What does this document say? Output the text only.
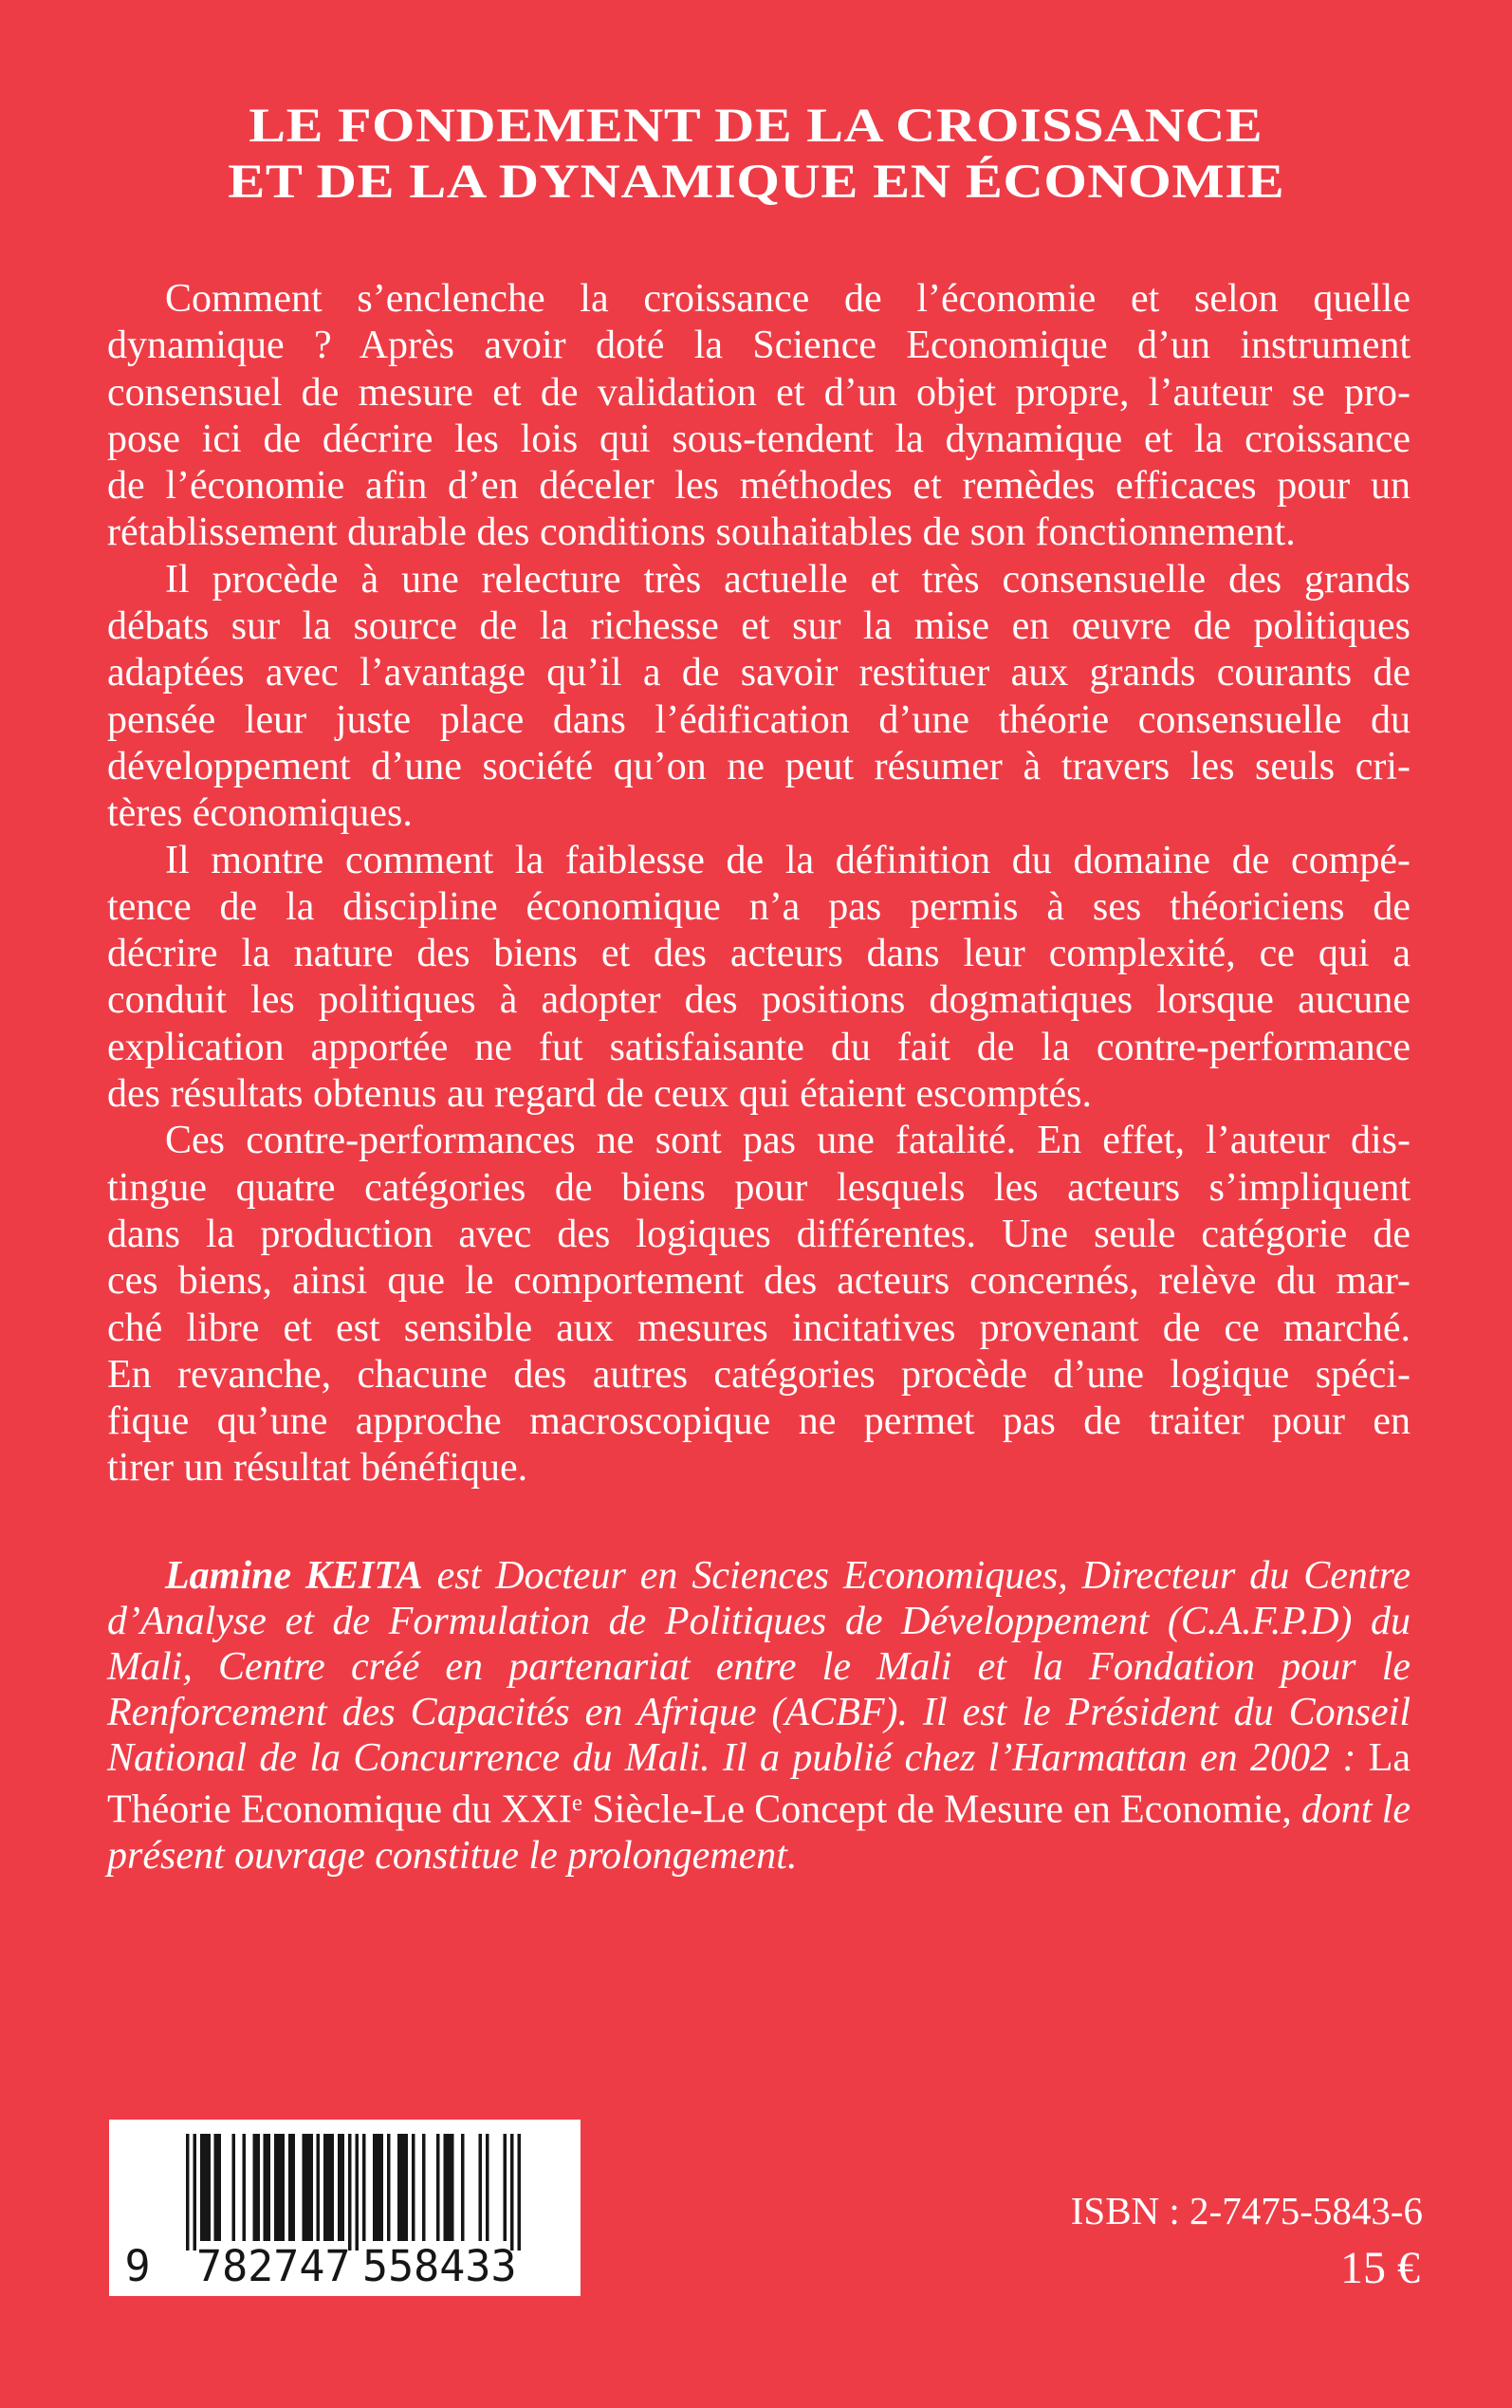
LE FONDEMENT DE LA CROISSANCE
ET DE LA DYNAMIQUE EN ÉCONOMIE
Comment s’enclenche la croissance de l’économie et selon quelle
dynamique ? Après avoir doté la Science Economique d’un instrument
consensuel de mesure et de validation et d’un objet propre, l’auteur se pro-
pose ici de décrire les lois qui sous-tendent la dynamique et la croissance
de l’économie afin d’en déceler les méthodes et remèdes efficaces pour un
rétablissement durable des conditions souhaitables de son fonctionnement.
Il procède à une relecture très actuelle et très consensuelle des grands
débats sur la source de la richesse et sur la mise en œuvre de politiques
adaptées avec l’avantage qu’il a de savoir restituer aux grands courants de
pensée leur juste place dans l’édification d’une théorie consensuelle du
développement d’une société qu’on ne peut résumer à travers les seuls cri-
tères économiques.
Il montre comment la faiblesse de la définition du domaine de compé-
tence de la discipline économique n’a pas permis à ses théoriciens de
décrire la nature des biens et des acteurs dans leur complexité, ce qui a
conduit les politiques à adopter des positions dogmatiques lorsque aucune
explication apportée ne fut satisfaisante du fait de la contre-performance
des résultats obtenus au regard de ceux qui étaient escomptés.
Ces contre-performances ne sont pas une fatalité. En effet, l’auteur dis-
tingue quatre catégories de biens pour lesquels les acteurs s’impliquent
dans la production avec des logiques différentes. Une seule catégorie de
ces biens, ainsi que le comportement des acteurs concernés, relève du mar-
ché libre et est sensible aux mesures incitatives provenant de ce marché.
En revanche, chacune des autres catégories procède d’une logique spéci-
fique qu’une approche macroscopique ne permet pas de traiter pour en
tirer un résultat bénéfique.
Lamine KEITA est Docteur en Sciences Economiques, Directeur du Centre
d’Analyse et de Formulation de Politiques de Développement (C.A.F.P.D) du
Mali, Centre créé en partenariat entre le Mali et la Fondation pour le
Renforcement des Capacités en Afrique (ACBF). Il est le Président du Conseil
National de la Concurrence du Mali. Il a publié chez l’Harmattan en 2002 : La
Théorie Economique du XXIe Siècle-Le Concept de Mesure en Economie, dont le
présent ouvrage constitue le prolongement.
9	782747 558433
ISBN : 2-7475-5843-6
15 €
